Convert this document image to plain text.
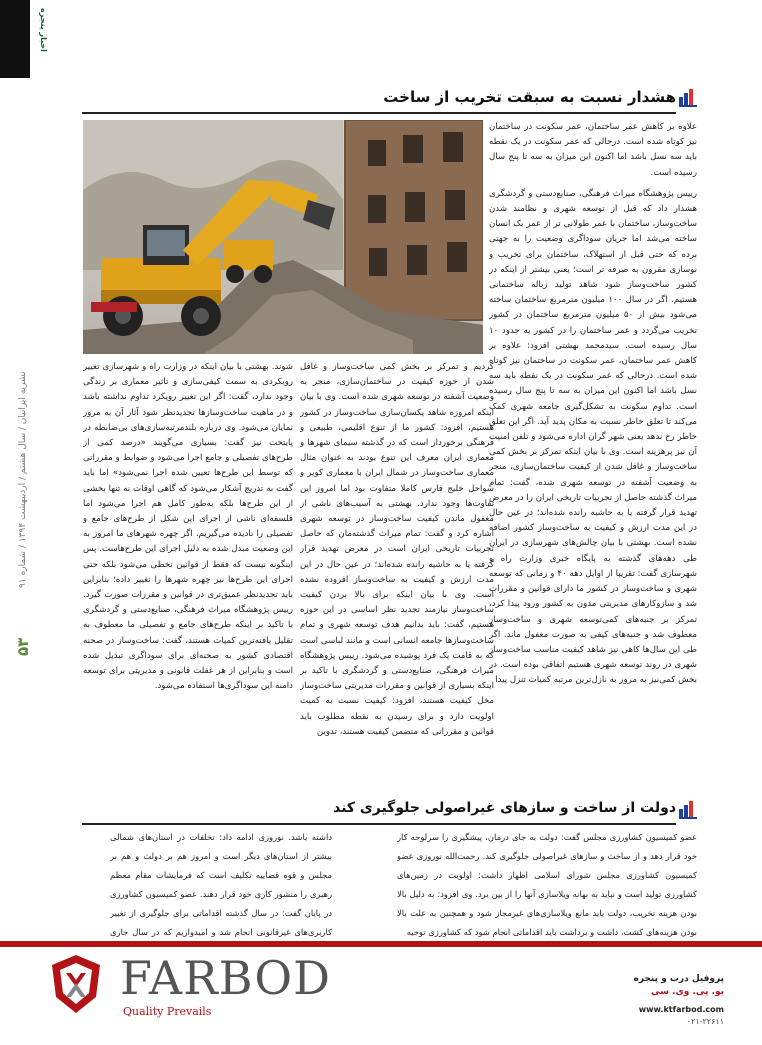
اخبار پنجره
نشریه ایرانیان / سال هشتم / اردیبهشت ۱۳۹۴ / شماره ۹۱
۵۳
هشدار نسبت به سبقت تخریب از ساخت

علاوه بر کاهش عمر ساختمان، عمر سکونت در ساختمان نیز کوتاه شده است. درحالی که عمر سکونت در یک نقطه باید سه نسل باشد اما اکنون این میزان به سه تا پنج سال رسیده است.

رییس پژوهشگاه میراث فرهنگی، صنایع‌دستی و گردشگری هشدار داد که قبل از توسعه شهری و نظامند شدن ساخت‌وساز، ساختمان با عمر طولانی تر از عمر یک انسان ساخته می‌شد اما جریان سوداگری وضعیت را به جهتی برده که حتی قبل از استهلاک، ساختمان برای تخریب و نوسازی مقرون به صرفه تر است؛ یعنی بیشتر از اینکه در کشور ساخت‌وساز شود شاهد تولید زباله ساختمانی هستیم. اگر در سال ۱۰۰ میلیون مترمربع ساختمان ساخته می‌شود بیش از ۵۰ میلیون مترمربع ساختمان در کشور تخریب می‌گردد و عمر ساختمان را در کشور به حدود ۱۰ سال رسیده است. سید‌محمد بهشتی افزود: علاوه بر کاهش عمر ساختمان، عمر سکونت در ساختمان نیز کوتاه شده است. درحالی که عمر سکونت در یک نقطه باید سه نسل باشد اما اکنون این میزان به سه تا پنج سال رسیده است. تداوم سکونت به تشکل‌گیری جامعه شهری کمک می‌کند تا تعلق خاطر نسبت به مکان پدید آید. اگر این تعلق خاطر رخ ندهد یعنی شهر گران اداره می‌شود و تلفن امنیت آن نیز پرهزینه است. وی با بیان اینکه تمرکز بر بخش کمی ساخت‌وساز و غافل شدن از کیفیت ساختمان‌سازی، منجر به وضعیت آشفته در توسعه شهری شده، گفت: تمام میراث گذشته حاصل از تجربیات تاریخی ایران را در معرض تهدید قرار گرفته یا به حاشیه رانده شده‌اند؛ در عین حال در این مدت ارزش و کیفیت به ساخت‌وساز کشور اضافه نشده است. بهشتی با بیان چالش‌های شهرسازی در ایران طی دهه‌های گذشته به پایگاه خبری وزارت راه و شهرسازی گفت: تقریبا از اوایل دهه ۴۰ و زمانی که توسعه شهری و ساخت‌وساز در کشور ما دارای قوانین و مقررات شد و ساز‌وکارهای مدیریتی مدون به کشور ورود پیدا کرد، تمرکز بر جنبه‌های کمی‌توسعه شهری و ساخت‌وساز معطوف شد و جنبه‌های کیفی به صورت مغفول ماند. اگر طی این سال‌ها کاهی نیز شاهد کیفیت مناسب ساخت‌وساز شهری در روند توسعه شهری هستیم اتفاقی بوده است. در بخش کمی‌نیز به مرور به نازل‌ترین مرتبه کمیات تنزل پیدا

کردیم و تمرکز بر بخش کمی ساخت‌وساز و غافل شدن از حوزه کیفیت در ساختمان‌سازی، منجر به وضعیت آشفته در توسعه شهری شده است. وی با بیان اینکه امروزه شاهد یکسان‌سازی ساخت‌وساز در کشور هستیم، افزود: کشور ما از تنوع اقلیمی، طبیعی و فرهنگی برخوردار است که در گذشته سیمای شهرها و معماری ایران معرف این تنوع بودند به عنوان مثال معماری ساخت‌وساز در شمال ایران با معماری کویر و سواحل خلیج فارس کاملا متفاوت بود اما امروز این تفاوت‌ها وجود ندارد. بهشتی به آسیب‌های ناشی از مغفول ماندن کیفیت ساخت‌وساز در توسعه شهری اشاره کرد و گفت: تمام میراث گذشته‌مان که حاصل تجربیات تاریخی ایران است در معرض تهدید قرار گرفته یا به حاشیه رانده شده‌اند؛ در عین حال در این مدت ارزش و کیفیت به ساخت‌وساز افزوده نشده است. وی با بیان اینکه برای بالا بردن کیفیت ساخت‌وساز نیازمند تجدید نظر اساسی در این حوزه هستیم، گفت: باید بدانیم هدف توسعه شهری و تمام ساخت‌وسازها جامعه انسانی است و مانند لباسی است که به قامت یک فرد پوشیده می‌شود. رییس پژوهشگاه میراث فرهنگی، صنایع‌دستی و گردشگری با تاکید بر اینکه بسیاری از قوانین و مقررات مدیریتی ساخت‌وساز مخل کیفیت هستند، افزود: کیفیت نسبت به کمیت اولویت دارد و برای رسیدن به نقطه مطلوب باید قوانین و مقرراتی که متضمن کیفیت هستند، تدوین

شوند. بهشتی با بیان اینکه در وزارت راه و شهرسازی تغییر رویکردی به سمت کیفی‌سازی و تاثیر معماری بر زندگی وجود ندارد، گفت: اگر این تغییر رویکرد تداوم نداشته باشد و در ماهیت ساخت‌وسازها تجدیدنظر شود آثار آن به مرور نمایان می‌شود. وی درباره بلندمرتبه‌سازی‌های بی‌ضابطه در پایتخت نیز گفت: بسیاری می‌گویند «درصد کمی از طرح‌های تفصیلی و جامع اجرا می‌شود و ضوابط و مقرراتی که توسط این طرح‌ها تعیین شده اجرا نمی‌شود» اما باید گفت به تدریج آشکار می‌شود که گاهی اوقات نه تنها بخشی از این طرح‌ها بلکه به‌طور کامل هم اجرا می‌شود اما فلسفه‌ای ناشی از اجرای این شکل از طرح‌های جامع و تفصیلی را نادیده می‌گیریم. اگر چهره شهرهای ما امروز به این وضعیت مبدل شده به دلیل اجرای این طرح‌هاست. پس اینگونه نیست که فقط از قوانین تخطی می‌شود بلکه حتی اجرای این طرح‌ها نیز چهره شهرها را تغییر داده؛ بنابراین باید تجدیدنظر عمیق‌تری در قوانین و مقررات صورت گیرد. رییس پژوهشگاه میراث فرهنگی، صنایع‌دستی و گردشگری با تاکید بر اینکه طرح‌های جامع و تفصیلی ما معطوف به تقلیل یافته‌ترین کمیات هستند، گفت: ساخت‌وساز در صحنه اقتصادی کشور به صحنه‌ای برای سوداگری تبدیل شده است و بنابراین از هر غفلت قانونی و مدیریتی برای توسعه دامنه این سوداگری‌ها استفاده می‌شود.

دولت از ساخت و سازهای غیراصولی جلوگیری کند

عضو کمیسیون کشاورزی مجلس گفت: دولت به جای درمان، پیشگیری را سرلوحه کار خود قرار دهد و از ساخت و سازهای غیراصولی جلوگیری کند. رحمت‌الله نوروزی عضو کمیسیون کشاورزی مجلس شورای اسلامی اظهار داشت: اولویت در زمین‌های کشاورزی تولید است و نباید به بهانه ویلاسازی آنها را از بین برد. وی افزود: به دلیل بالا بودن هزینه تخریب، دولت باید مانع ویلاسازی‌های غیرمجاز شود و همچنین به علت بالا بودن هزینه‌های کشت، داشت و برداشت باید اقداماتی انجام شود که کشاورزی توجیه

داشته باشد. نوروزی ادامه داد: تخلفات در استان‌های شمالی بیشتر از استان‌های دیگر است و امروز هم بر دولت و هم بر مجلس و قوه قضاییه تکلیف است که فرمایشات مقام معظم رهبری را منشور کاری خود قرار دهند. عضو کمیسیون کشاورزی در پایان گفت: در سال گذشته اقداماتی برای جلوگیری از تغییر کاربری‌های غیرقانونی انجام شد و امیدواریم که در سال جاری

FARBOD
Quality Prevails
پروفیل درب و پنجره
یو. پی. وی. سی
www.ktfarbod.com
۰۲۱-۲۲۶۱۱
